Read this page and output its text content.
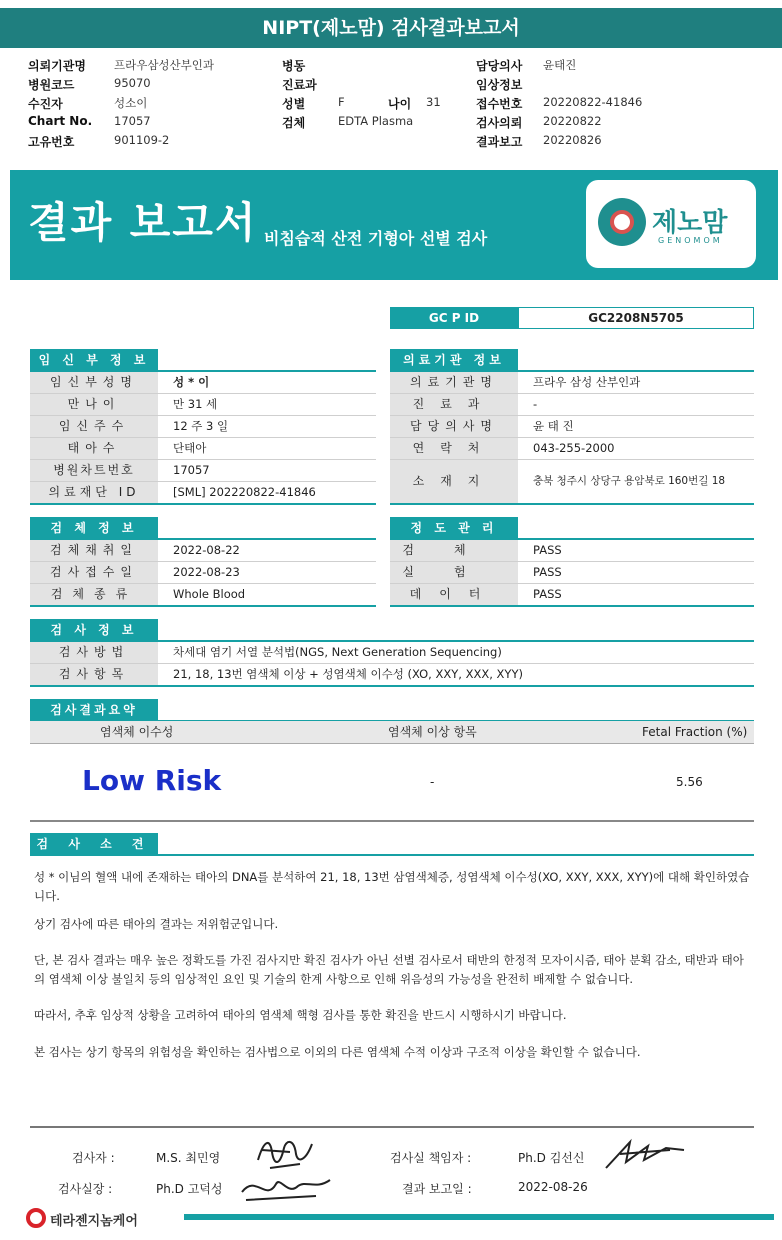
NIPT(제노맘) 검사결과보고서
의뢰기관명	프라우삼성산부인과
병원코드	95070
수진자	성소이
Chart No.	17057
고유번호	901109-2
병동
진료과
성별	F	나이	31
검체	EDTA Plasma
담당의사	윤태진
임상정보
접수번호	20220822-41846
검사의뢰	20220822
결과보고	20220826
결과 보고서 비침습적 산전 기형아 선별 검사
제노맘
GENOMOM
GC P ID	GC2208N5705
임 신 부 정 보
임신부성명	성 * 이
만나이	만 31 세
임신주수	12 주 3 일
태아수	단태아
병원차트번호	17057
의료재단 ID	[SML] 202220822-41846
의료기관 정보
의료기관명	프라우 삼성 산부인과
진료과	-
담당의사명	윤 태 진
연락처	043-255-2000
소재지	충북 청주시 상당구 용암북로 160번길 18
검 체 정 보
검체채취일	2022-08-22
검사접수일	2022-08-23
검체종류	Whole Blood
정 도 관 리
검체	PASS
실험	PASS
데이터	PASS
검 사 정 보
검사방법	차세대 염기 서열 분석법(NGS, Next Generation Sequencing)
검사항목	21, 18, 13번 염색체 이상 + 성염색체 이수성 (XO, XXY, XXX, XYY)
검사결과요약
염색체 이수성	염색체 이상 항목	Fetal Fraction (%)
Low Risk	-	5.56
검 사 소 견
성 * 이님의 혈액 내에 존재하는 태아의 DNA를 분석하여 21, 18, 13번 삼염색체증, 성염색체 이수성(XO, XXY, XXX, XYY)에 대해 확인하였습니다.
상기 검사에 따른 태아의 결과는 저위험군입니다.
단, 본 검사 결과는 매우 높은 정확도를 가진 검사지만 확진 검사가 아닌 선별 검사로서 태반의 한정적 모자이시즘, 태아 분획 감소, 태반과 태아의 염색체 이상 불일치 등의 임상적인 요인 및 기술의 한계 사항으로 인해 위음성의 가능성을 완전히 배제할 수 없습니다.
따라서, 추후 임상적 상황을 고려하여 태아의 염색체 핵형 검사를 통한 확진을 반드시 시행하시기 바랍니다.
본 검사는 상기 항목의 위험성을 확인하는 검사법으로 이외의 다른 염색체 수적 이상과 구조적 이상을 확인할 수 없습니다.
검사자 :	M.S. 최민영	검사실 책임자 :	Ph.D 김선신
검사실장 :	Ph.D 고덕성	결과 보고일 :	2022-08-26
테라젠지놈케어
